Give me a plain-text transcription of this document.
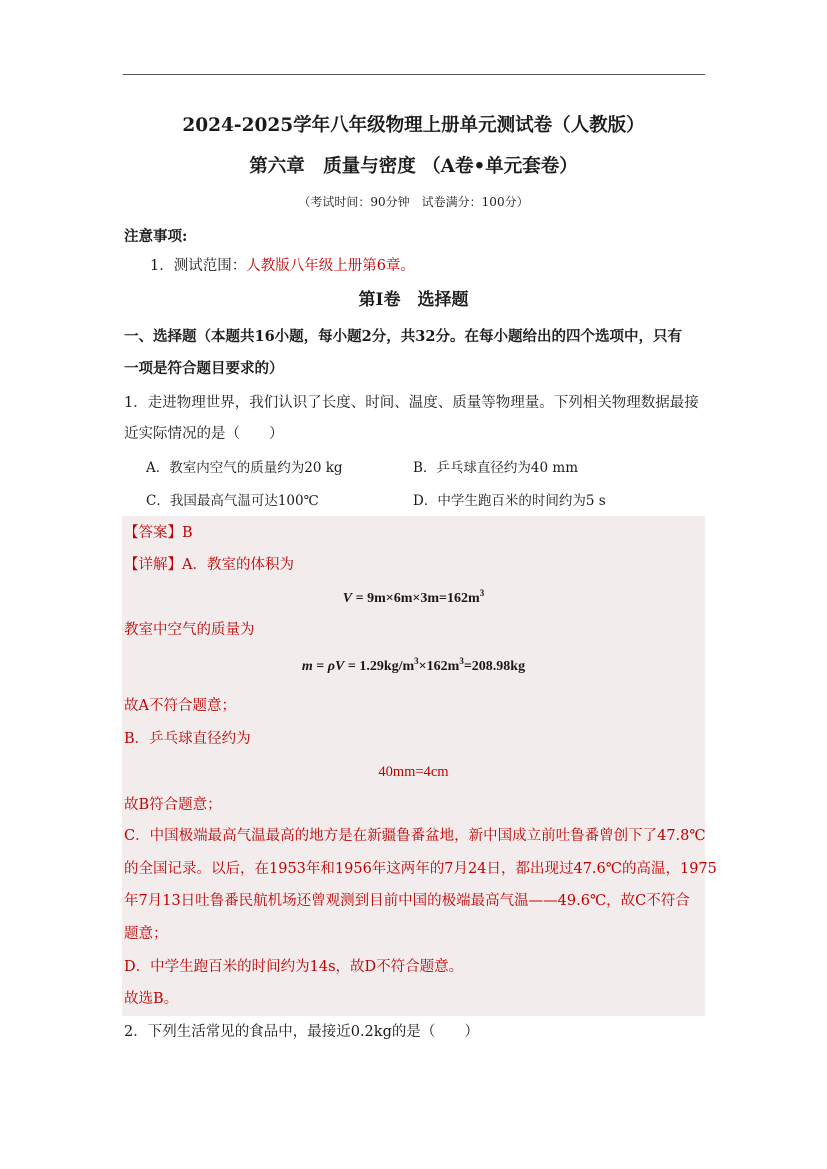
2024-2025学年八年级物理上册单元测试卷（人教版）
第六章　质量与密度 （A卷•单元套卷）
（考试时间：90分钟　试卷满分：100分）
注意事项:
1．测试范围：人教版八年级上册第6章。
第Ⅰ卷　选择题
一、选择题（本题共16小题，每小题2分，共32分。在每小题给出的四个选项中，只有
一项是符合题目要求的）
1．走进物理世界，我们认识了长度、时间、温度、质量等物理量。下列相关物理数据最接
近实际情况的是（　　）
A．教室内空气的质量约为20 kg	B．乒乓球直径约为40 mm
C．我国最高气温可达100℃	D．中学生跑百米的时间约为5 s
【答案】B
【详解】A．教室的体积为
$V = 9m\times 6m\times 3m=162m^3$
教室中空气的质量为
$m = \rho V = 1.29kg/m^3\times 162m^3=208.98kg$
故A不符合题意；
B．乒乓球直径约为
40mm=4cm
故B符合题意；
C．中国极端最高气温最高的地方是在新疆鲁番盆地，新中国成立前吐鲁番曾创下了47.8℃
的全国记录。以后，在1953年和1956年这两年的7月24日，都出现过47.6℃的高温，1975
年7月13日吐鲁番民航机场还曾观测到目前中国的极端最高气温——49.6℃，故C不符合
题意；
D．中学生跑百米的时间约为14s，故D不符合题意。
故选B。
2．下列生活常见的食品中，最接近0.2kg的是（　　）
